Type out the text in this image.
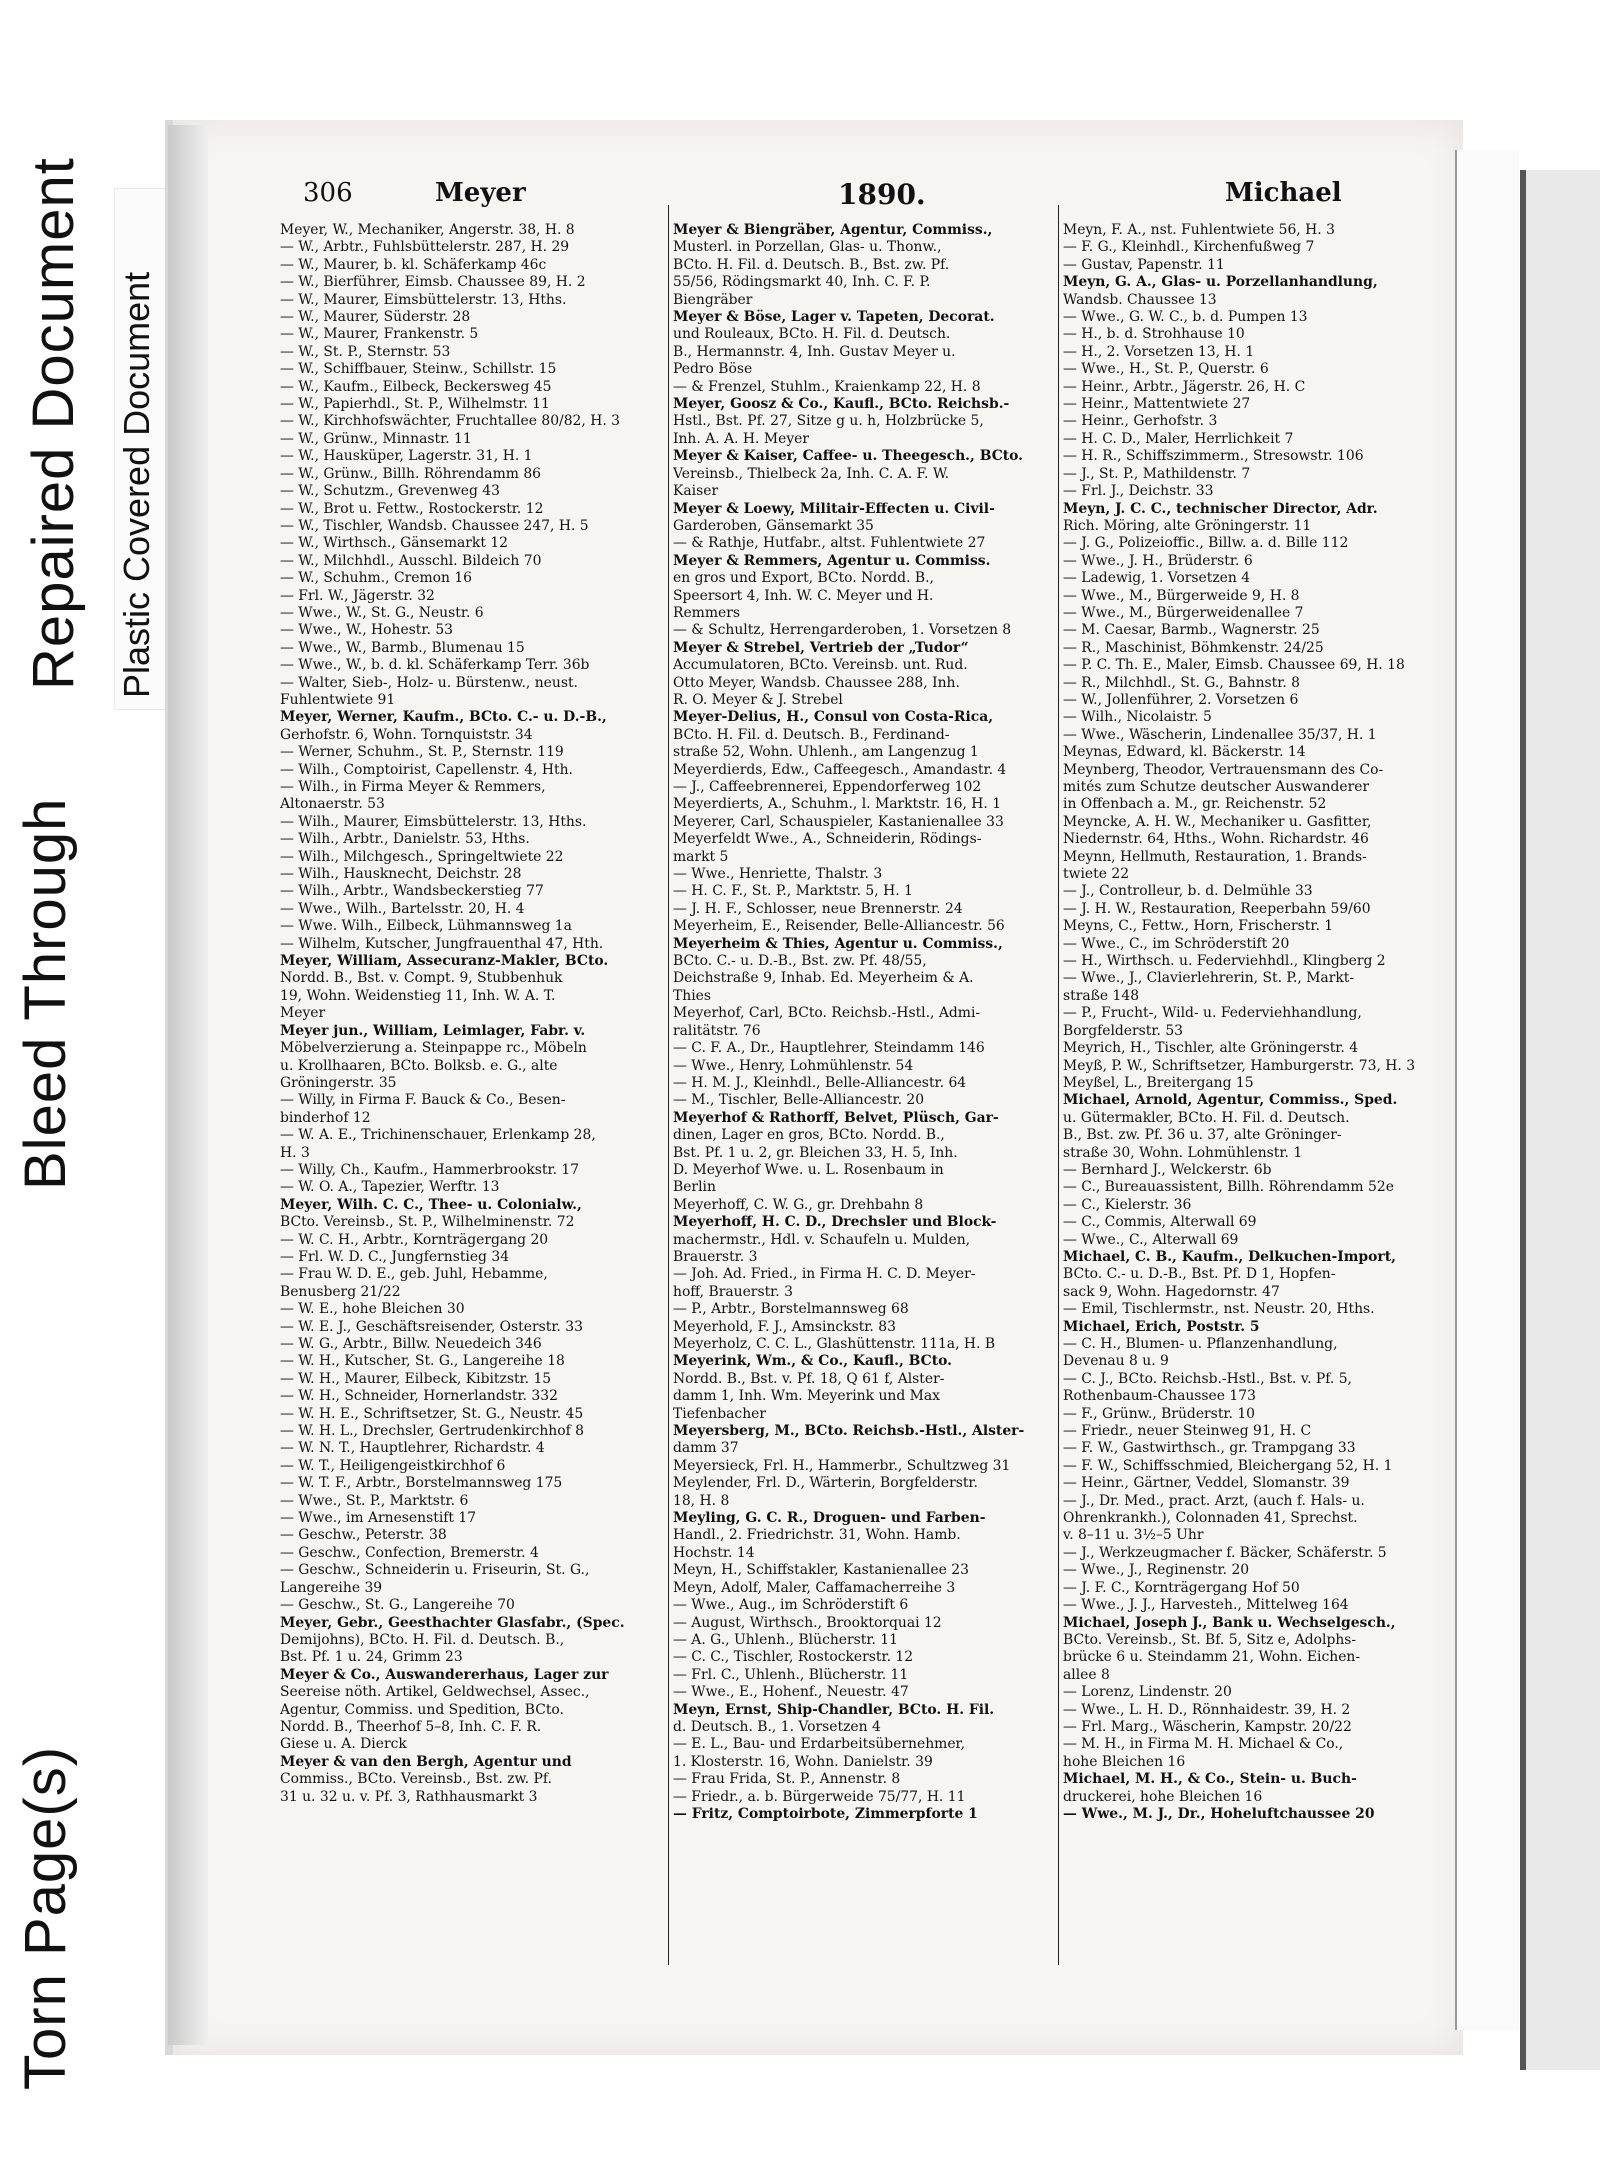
Torn Page(s)
Bleed Through
Repaired Document Plastic Covered Document
306	Meyer	1890.	Michael
Meyer, W., Mechaniker, Angerstr. 38, H. 8
— W., Arbtr., Fuhlsbüttelerstr. 287, H. 29
— W., Maurer, b. kl. Schäferkamp 46c
— W., Bierführer, Eimsb. Chaussee 89, H. 2
— W., Maurer, Eimsbüttelerstr. 13, Hths.
— W., Maurer, Süderstr. 28
— W., Maurer, Frankenstr. 5
— W., St. P., Sternstr. 53
— W., Schiffbauer, Steinw., Schillstr. 15
— W., Kaufm., Eilbeck, Beckersweg 45
— W., Papierhdl., St. P., Wilhelmstr. 11
— W., Kirchhofswächter, Fruchtallee 80/82, H. 3
— W., Grünw., Minnastr. 11
— W., Hausküper, Lagerstr. 31, H. 1
— W., Grünw., Billh. Röhrendamm 86
— W., Schutzm., Grevenweg 43
— W., Brot u. Fettw., Rostockerstr. 12
— W., Tischler, Wandsb. Chaussee 247, H. 5
— W., Wirthsch., Gänsemarkt 12
— W., Milchhdl., Ausschl. Bildeich 70
— W., Schuhm., Cremon 16
— Frl. W., Jägerstr. 32
— Wwe., W., St. G., Neustr. 6
— Wwe., W., Hohestr. 53
— Wwe., W., Barmb., Blumenau 15
— Wwe., W., b. d. kl. Schäferkamp Terr. 36b
— Walter, Sieb-, Holz- u. Bürstenw., neust.
Fuhlentwiete 91
Meyer, Werner, Kaufm., BCto. C.- u. D.-B.,
Gerhofstr. 6, Wohn. Tornquiststr. 34
— Werner, Schuhm., St. P., Sternstr. 119
— Wilh., Comptoirist, Capellenstr. 4, Hth.
— Wilh., in Firma Meyer & Remmers,
Altonaerstr. 53
— Wilh., Maurer, Eimsbüttelerstr. 13, Hths.
— Wilh., Arbtr., Danielstr. 53, Hths.
— Wilh., Milchgesch., Springeltwiete 22
— Wilh., Hausknecht, Deichstr. 28
— Wilh., Arbtr., Wandsbeckerstieg 77
— Wwe., Wilh., Bartelsstr. 20, H. 4
— Wwe. Wilh., Eilbeck, Lühmannsweg 1a
— Wilhelm, Kutscher, Jungfrauenthal 47, Hth.
Meyer, William, Assecuranz-Makler, BCto.
Nordd. B., Bst. v. Compt. 9, Stubbenhuk
19, Wohn. Weidenstieg 11, Inh. W. A. T.
Meyer
Meyer jun., William, Leimlager, Fabr. v.
Möbelverzierung a. Steinpappe rc., Möbeln
u. Krollhaaren, BCto. Bolksb. e. G., alte
Gröningerstr. 35
— Willy, in Firma F. Bauck & Co., Besen-
binderhof 12
— W. A. E., Trichinenschauer, Erlenkamp 28,
H. 3
— Willy, Ch., Kaufm., Hammerbrookstr. 17
— W. O. A., Tapezier, Werftr. 13
Meyer, Wilh. C. C., Thee- u. Colonialw.,
BCto. Vereinsb., St. P., Wilhelminenstr. 72
— W. C. H., Arbtr., Kornträgergang 20
— Frl. W. D. C., Jungfernstieg 34
— Frau W. D. E., geb. Juhl, Hebamme,
Benusberg 21/22
— W. E., hohe Bleichen 30
— W. E. J., Geschäftsreisender, Osterstr. 33
— W. G., Arbtr., Billw. Neuedeich 346
— W. H., Kutscher, St. G., Langereihe 18
— W. H., Maurer, Eilbeck, Kibitzstr. 15
— W. H., Schneider, Hornerlandstr. 332
— W. H. E., Schriftsetzer, St. G., Neustr. 45
— W. H. L., Drechsler, Gertrudenkirchhof 8
— W. N. T., Hauptlehrer, Richardstr. 4
— W. T., Heiligengeistkirchhof 6
— W. T. F., Arbtr., Borstelmannsweg 175
— Wwe., St. P., Marktstr. 6
— Wwe., im Arnesenstift 17
— Geschw., Peterstr. 38
— Geschw., Confection, Bremerstr. 4
— Geschw., Schneiderin u. Friseurin, St. G.,
Langereihe 39
— Geschw., St. G., Langereihe 70
Meyer, Gebr., Geesthachter Glasfabr., (Spec.
Demijohns), BCto. H. Fil. d. Deutsch. B.,
Bst. Pf. 1 u. 24, Grimm 23
Meyer & Co., Auswandererhaus, Lager zur
Seereise nöth. Artikel, Geldwechsel, Assec.,
Agentur, Commiss. und Spedition, BCto.
Nordd. B., Theerhof 5–8, Inh. C. F. R.
Giese u. A. Dierck
Meyer & van den Bergh, Agentur und
Commiss., BCto. Vereinsb., Bst. zw. Pf.
31 u. 32 u. v. Pf. 3, Rathhausmarkt 3
Meyer & Biengräber, Agentur, Commiss.,
Musterl. in Porzellan, Glas- u. Thonw.,
BCto. H. Fil. d. Deutsch. B., Bst. zw. Pf.
55/56, Rödingsmarkt 40, Inh. C. F. P.
Biengräber
Meyer & Böse, Lager v. Tapeten, Decorat.
und Rouleaux, BCto. H. Fil. d. Deutsch.
B., Hermannstr. 4, Inh. Gustav Meyer u.
Pedro Böse
— & Frenzel, Stuhlm., Kraienkamp 22, H. 8
Meyer, Goosz & Co., Kaufl., BCto. Reichsb.-
Hstl., Bst. Pf. 27, Sitze g u. h, Holzbrücke 5,
Inh. A. A. H. Meyer
Meyer & Kaiser, Caffee- u. Theegesch., BCto.
Vereinsb., Thielbeck 2a, Inh. C. A. F. W.
Kaiser
Meyer & Loewy, Militair-Effecten u. Civil-
Garderoben, Gänsemarkt 35
— & Rathje, Hutfabr., altst. Fuhlentwiete 27
Meyer & Remmers, Agentur u. Commiss.
en gros und Export, BCto. Nordd. B.,
Speersort 4, Inh. W. C. Meyer und H.
Remmers
— & Schultz, Herrengarderoben, 1. Vorsetzen 8
Meyer & Strebel, Vertrieb der „Tudor“
Accumulatoren, BCto. Vereinsb. unt. Rud.
Otto Meyer, Wandsb. Chaussee 288, Inh.
R. O. Meyer & J. Strebel
Meyer-Delius, H., Consul von Costa-Rica,
BCto. H. Fil. d. Deutsch. B., Ferdinand-
straße 52, Wohn. Uhlenh., am Langenzug 1
Meyerdierds, Edw., Caffeegesch., Amandastr. 4
— J., Caffeebrennerei, Eppendorferweg 102
Meyerdierts, A., Schuhm., l. Marktstr. 16, H. 1
Meyerer, Carl, Schauspieler, Kastanienallee 33
Meyerfeldt Wwe., A., Schneiderin, Rödings-
markt 5
— Wwe., Henriette, Thalstr. 3
— H. C. F., St. P., Marktstr. 5, H. 1
— J. H. F., Schlosser, neue Brennerstr. 24
Meyerheim, E., Reisender, Belle-Alliancestr. 56
Meyerheim & Thies, Agentur u. Commiss.,
BCto. C.- u. D.-B., Bst. zw. Pf. 48/55,
Deichstraße 9, Inhab. Ed. Meyerheim & A.
Thies
Meyerhof, Carl, BCto. Reichsb.-Hstl., Admi-
ralitätstr. 76
— C. F. A., Dr., Hauptlehrer, Steindamm 146
— Wwe., Henry, Lohmühlenstr. 54
— H. M. J., Kleinhdl., Belle-Alliancestr. 64
— M., Tischler, Belle-Alliancestr. 20
Meyerhof & Rathorff, Belvet, Plüsch, Gar-
dinen, Lager en gros, BCto. Nordd. B.,
Bst. Pf. 1 u. 2, gr. Bleichen 33, H. 5, Inh.
D. Meyerhof Wwe. u. L. Rosenbaum in
Berlin
Meyerhoff, C. W. G., gr. Drehbahn 8
Meyerhoff, H. C. D., Drechsler und Block-
machermstr., Hdl. v. Schaufeln u. Mulden,
Brauerstr. 3
— Joh. Ad. Fried., in Firma H. C. D. Meyer-
hoff, Brauerstr. 3
— P., Arbtr., Borstelmannsweg 68
Meyerhold, F. J., Amsinckstr. 83
Meyerholz, C. C. L., Glashüttenstr. 111a, H. B
Meyerink, Wm., & Co., Kaufl., BCto.
Nordd. B., Bst. v. Pf. 18, Q 61 f, Alster-
damm 1, Inh. Wm. Meyerink und Max
Tiefenbacher
Meyersberg, M., BCto. Reichsb.-Hstl., Alster-
damm 37
Meyersieck, Frl. H., Hammerbr., Schultzweg 31
Meylender, Frl. D., Wärterin, Borgfelderstr.
18, H. 8
Meyling, G. C. R., Droguen- und Farben-
Handl., 2. Friedrichstr. 31, Wohn. Hamb.
Hochstr. 14
Meyn, H., Schiffstakler, Kastanienallee 23
Meyn, Adolf, Maler, Caffamacherreihe 3
— Wwe., Aug., im Schröderstift 6
— August, Wirthsch., Brooktorquai 12
— A. G., Uhlenh., Blücherstr. 11
— C. C., Tischler, Rostockerstr. 12
— Frl. C., Uhlenh., Blücherstr. 11
— Wwe., E., Hohenf., Neuestr. 47
Meyn, Ernst, Ship-Chandler, BCto. H. Fil.
d. Deutsch. B., 1. Vorsetzen 4
— E. L., Bau- und Erdarbeitsübernehmer,
1. Klosterstr. 16, Wohn. Danielstr. 39
— Frau Frida, St. P., Annenstr. 8
— Friedr., a. b. Bürgerweide 75/77, H. 11
— Fritz, Comptoirbote, Zimmerpforte 1
Meyn, F. A., nst. Fuhlentwiete 56, H. 3
— F. G., Kleinhdl., Kirchenfußweg 7
— Gustav, Papenstr. 11
Meyn, G. A., Glas- u. Porzellanhandlung,
Wandsb. Chaussee 13
— Wwe., G. W. C., b. d. Pumpen 13
— H., b. d. Strohhause 10
— H., 2. Vorsetzen 13, H. 1
— Wwe., H., St. P., Querstr. 6
— Heinr., Arbtr., Jägerstr. 26, H. C
— Heinr., Mattentwiete 27
— Heinr., Gerhofstr. 3
— H. C. D., Maler, Herrlichkeit 7
— H. R., Schiffszimmerm., Stresowstr. 106
— J., St. P., Mathildenstr. 7
— Frl. J., Deichstr. 33
Meyn, J. C. C., technischer Director, Adr.
Rich. Möring, alte Gröningerstr. 11
— J. G., Polizeioffic., Billw. a. d. Bille 112
— Wwe., J. H., Brüderstr. 6
— Ladewig, 1. Vorsetzen 4
— Wwe., M., Bürgerweide 9, H. 8
— Wwe., M., Bürgerweidenallee 7
— M. Caesar, Barmb., Wagnerstr. 25
— R., Maschinist, Böhmkenstr. 24/25
— P. C. Th. E., Maler, Eimsb. Chaussee 69, H. 18
— R., Milchhdl., St. G., Bahnstr. 8
— W., Jollenführer, 2. Vorsetzen 6
— Wilh., Nicolaistr. 5
— Wwe., Wäscherin, Lindenallee 35/37, H. 1
Meynas, Edward, kl. Bäckerstr. 14
Meynberg, Theodor, Vertrauensmann des Co-
mités zum Schutze deutscher Auswanderer
in Offenbach a. M., gr. Reichenstr. 52
Meyncke, A. H. W., Mechaniker u. Gasfitter,
Niedernstr. 64, Hths., Wohn. Richardstr. 46
Meynn, Hellmuth, Restauration, 1. Brands-
twiete 22
— J., Controlleur, b. d. Delmühle 33
— J. H. W., Restauration, Reeperbahn 59/60
Meyns, C., Fettw., Horn, Frischerstr. 1
— Wwe., C., im Schröderstift 20
— H., Wirthsch. u. Federviehhdl., Klingberg 2
— Wwe., J., Clavierlehrerin, St. P., Markt-
straße 148
— P., Frucht-, Wild- u. Federviehhandlung,
Borgfelderstr. 53
Meyrich, H., Tischler, alte Gröningerstr. 4
Meyß, P. W., Schriftsetzer, Hamburgerstr. 73, H. 3
Meyßel, L., Breitergang 15
Michael, Arnold, Agentur, Commiss., Sped.
u. Gütermakler, BCto. H. Fil. d. Deutsch.
B., Bst. zw. Pf. 36 u. 37, alte Gröninger-
straße 30, Wohn. Lohmühlenstr. 1
— Bernhard J., Welckerstr. 6b
— C., Bureauassistent, Billh. Röhrendamm 52e
— C., Kielerstr. 36
— C., Commis, Alterwall 69
— Wwe., C., Alterwall 69
Michael, C. B., Kaufm., Delkuchen-Import,
BCto. C.- u. D.-B., Bst. Pf. D 1, Hopfen-
sack 9, Wohn. Hagedornstr. 47
— Emil, Tischlermstr., nst. Neustr. 20, Hths.
Michael, Erich, Poststr. 5
— C. H., Blumen- u. Pflanzenhandlung,
Devenau 8 u. 9
— C. J., BCto. Reichsb.-Hstl., Bst. v. Pf. 5,
Rothenbaum-Chaussee 173
— F., Grünw., Brüderstr. 10
— Friedr., neuer Steinweg 91, H. C
— F. W., Gastwirthsch., gr. Trampgang 33
— F. W., Schiffsschmied, Bleichergang 52, H. 1
— Heinr., Gärtner, Veddel, Slomanstr. 39
— J., Dr. Med., pract. Arzt, (auch f. Hals- u.
Ohrenkrankh.), Colonnaden 41, Sprechst.
v. 8–11 u. 3½–5 Uhr
— J., Werkzeugmacher f. Bäcker, Schäferstr. 5
— Wwe., J., Reginenstr. 20
— J. F. C., Kornträgergang Hof 50
— Wwe., J. J., Harvesteh., Mittelweg 164
Michael, Joseph J., Bank u. Wechselgesch.,
BCto. Vereinsb., St. Bf. 5, Sitz e, Adolphs-
brücke 6 u. Steindamm 21, Wohn. Eichen-
allee 8
— Lorenz, Lindenstr. 20
— Wwe., L. H. D., Rönnhaidestr. 39, H. 2
— Frl. Marg., Wäscherin, Kampstr. 20/22
— M. H., in Firma M. H. Michael & Co.,
hohe Bleichen 16
Michael, M. H., & Co., Stein- u. Buch-
druckerei, hohe Bleichen 16
— Wwe., M. J., Dr., Hoheluftchaussee 20
